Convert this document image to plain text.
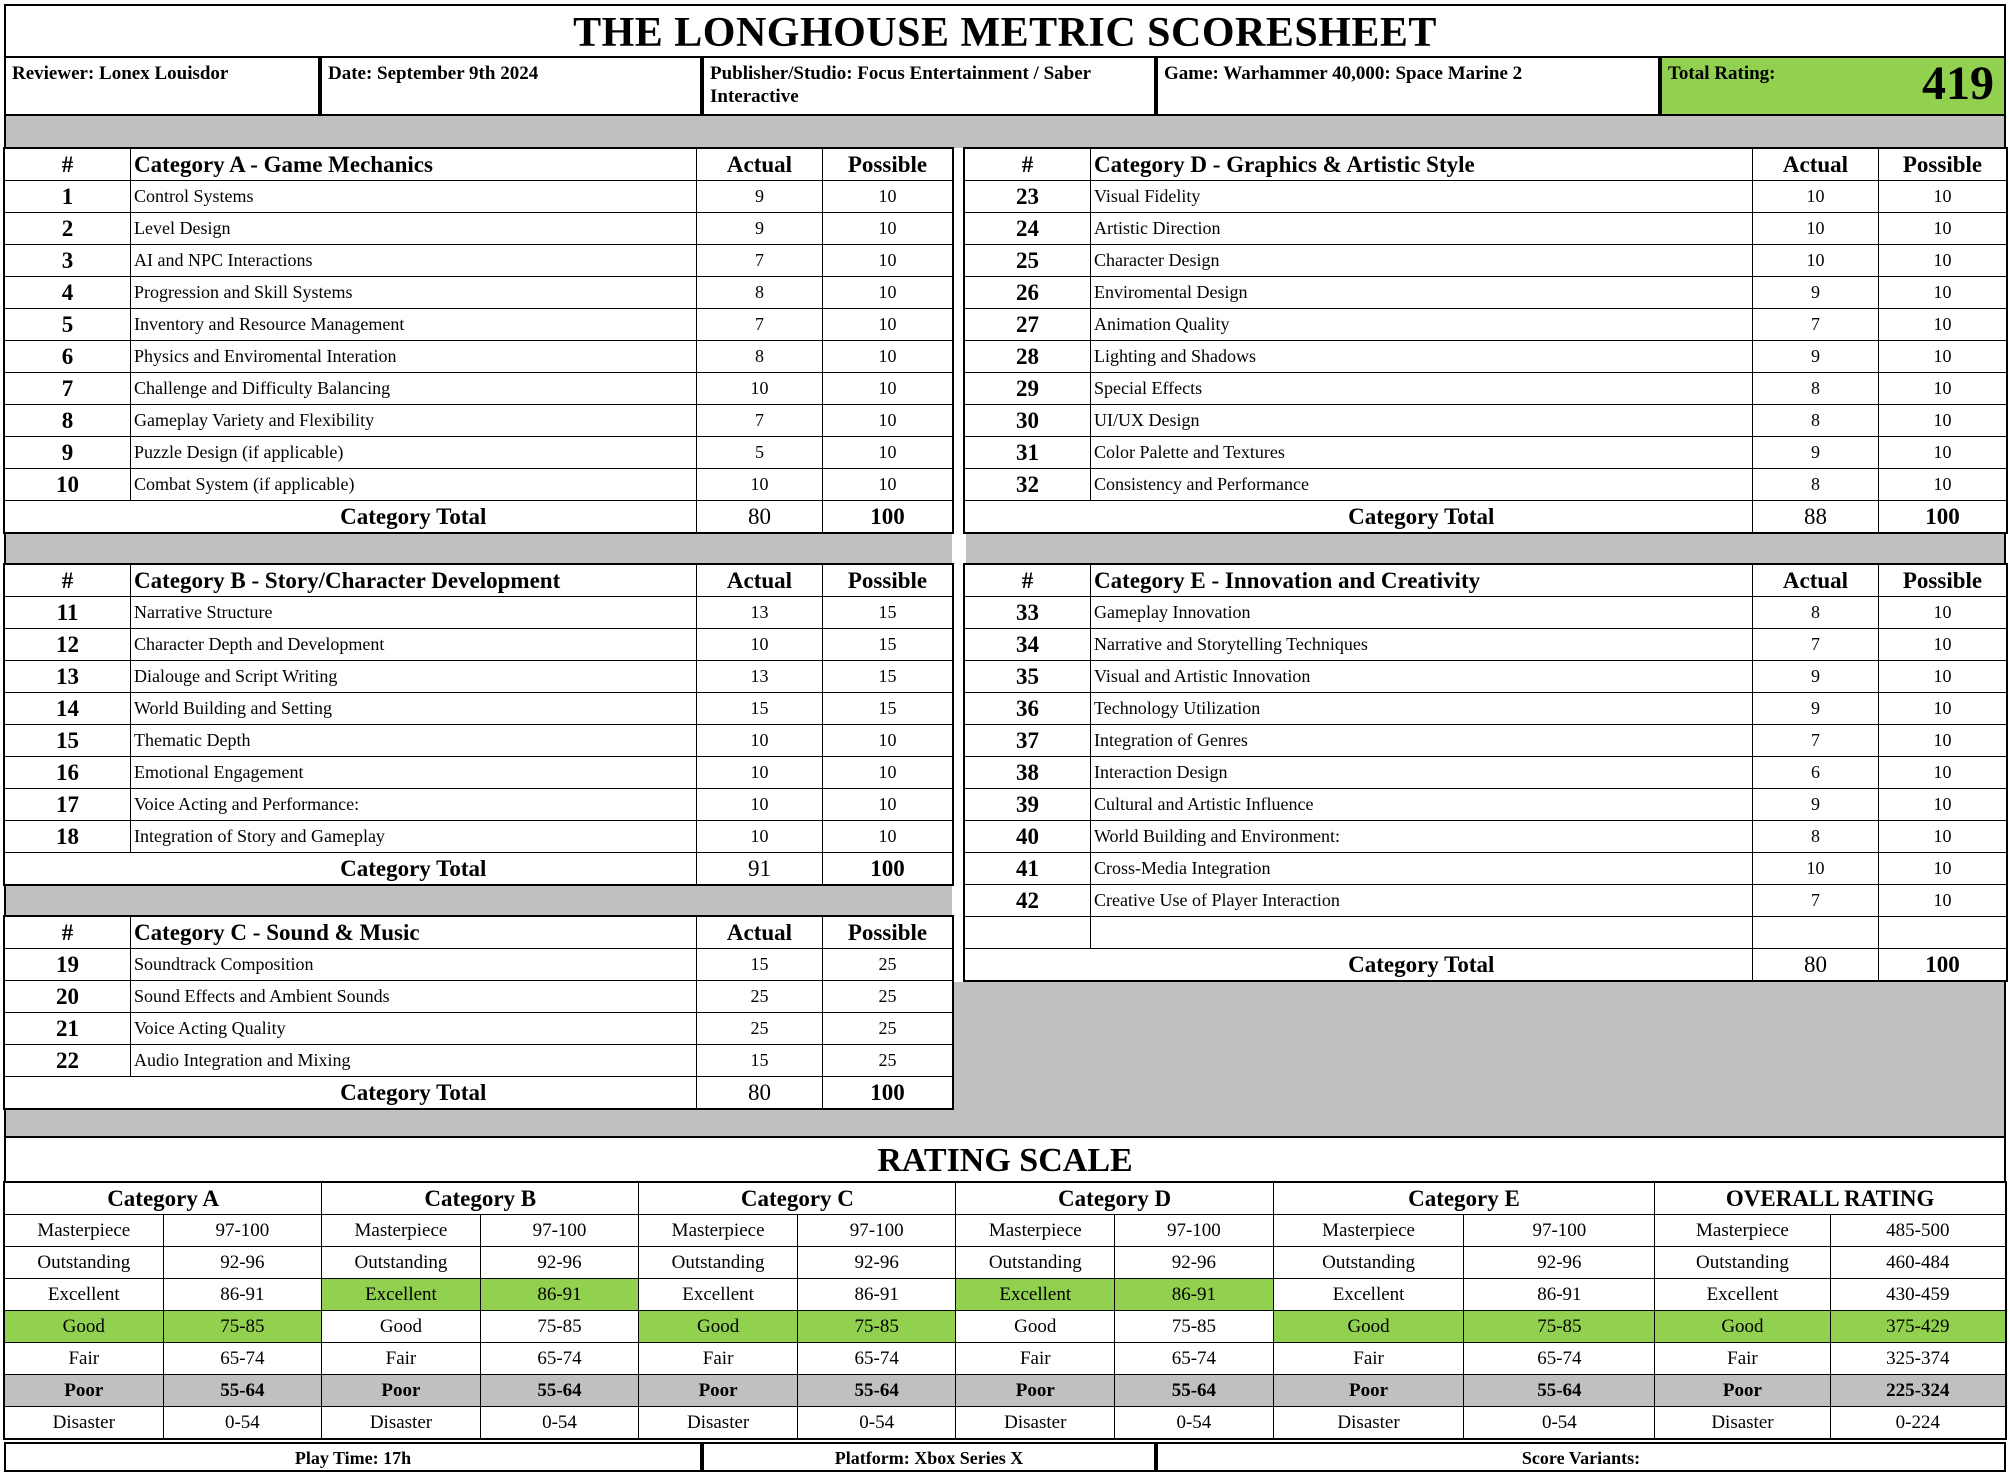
THE LONGHOUSE METRIC SCORESHEET
Reviewer: Lonex Louisdor	Date: September 9th 2024	Publisher/Studio: Focus Entertainment / Saber Interactive
Game: Warhammer 40,000: Space Marine 2	Total Rating:	419
#	Category A - Game Mechanics	Actual	Possible
1	Control Systems	9	10
2	Level Design	9	10
3	AI and NPC Interactions	7	10
4	Progression and Skill Systems	8	10
5	Inventory and Resource Management	7	10
6	Physics and Enviromental Interation	8	10
7	Challenge and Difficulty Balancing	10	10
8	Gameplay Variety and Flexibility	7	10
9	Puzzle Design (if applicable)	5	10
10	Combat System (if applicable)	10	10
	Category Total	80	100
#	Category D - Graphics & Artistic Style	Actual	Possible
23	Visual Fidelity	10	10
24	Artistic Direction	10	10
25	Character Design	10	10
26	Enviromental Design	9	10
27	Animation Quality	7	10
28	Lighting and Shadows	9	10
29	Special Effects	8	10
30	UI/UX Design	8	10
31	Color Palette and Textures	9	10
32	Consistency and Performance	8	10
	Category Total	88	100
#	Category B - Story/Character Development	Actual	Possible
11	Narrative Structure	13	15
12	Character Depth and Development	10	15
13	Dialouge and Script Writing	13	15
14	World Building and Setting	15	15
15	Thematic Depth	10	10
16	Emotional Engagement	10	10
17	Voice Acting and Performance:	10	10
18	Integration of Story and Gameplay	10	10
	Category Total	91	100
#	Category E - Innovation and Creativity	Actual	Possible
33	Gameplay Innovation	8	10
34	Narrative and Storytelling Techniques	7	10
35	Visual and Artistic Innovation	9	10
36	Technology Utilization	9	10
37	Integration of Genres	7	10
38	Interaction Design	6	10
39	Cultural and Artistic Influence	9	10
40	World Building and Environment:	8	10
41	Cross-Media Integration	10	10
42	Creative Use of Player Interaction	7	10

	Category Total	80	100
#	Category C - Sound & Music	Actual	Possible
19	Soundtrack Composition	15	25
20	Sound Effects and Ambient Sounds	25	25
21	Voice Acting Quality	25	25
22	Audio Integration and Mixing	15	25
	Category Total	80	100
RATING SCALE
Category A		Category B		Category C		Category D		Category E		OVERALL RATING	
Masterpiece	97-100	Masterpiece	97-100	Masterpiece	97-100	Masterpiece	97-100	Masterpiece	97-100	Masterpiece	485-500
Outstanding	92-96	Outstanding	92-96	Outstanding	92-96	Outstanding	92-96	Outstanding	92-96	Outstanding	460-484
Excellent	86-91	Excellent	86-91	Excellent	86-91	Excellent	86-91	Excellent	86-91	Excellent	430-459
Good	75-85	Good	75-85	Good	75-85	Good	75-85	Good	75-85	Good	375-429
Fair	65-74	Fair	65-74	Fair	65-74	Fair	65-74	Fair	65-74	Fair	325-374
Poor	55-64	Poor	55-64	Poor	55-64	Poor	55-64	Poor	55-64	Poor	225-324
Disaster	0-54	Disaster	0-54	Disaster	0-54	Disaster	0-54	Disaster	0-54	Disaster	0-224
Play Time: 17h	Platform: Xbox Series X	Score Variants:
